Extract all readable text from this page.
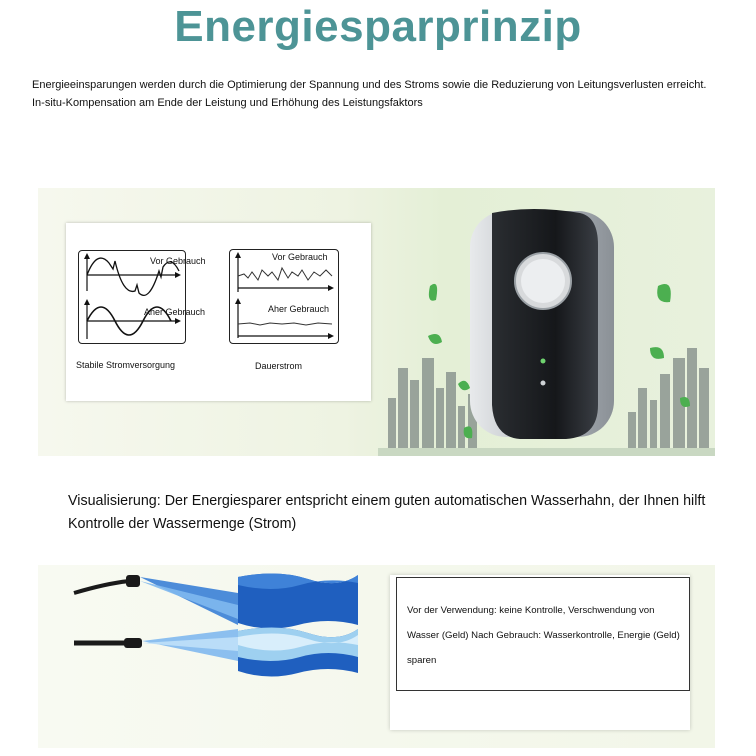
Energiesparprinzip

Energieeinsparungen werden durch die Optimierung der Spannung und des Stroms sowie die Reduzierung von Leitungsverlusten erreicht.

In-situ-Kompensation am Ende der Leistung und Erhöhung des Leistungsfaktors

Vor Gebrauch
Aher Gebrauch
Stabile Stromversorgung
Vor Gebrauch
Aher Gebrauch
Dauerstrom

Visualisierung: Der Energiesparer entspricht einem guten automatischen Wasserhahn, der Ihnen hilft

Kontrolle der Wassermenge (Strom)

Vor der Verwendung: keine Kontrolle, Verschwendung von Wasser (Geld) Nach Gebrauch: Wasserkontrolle, Energie (Geld) sparen
